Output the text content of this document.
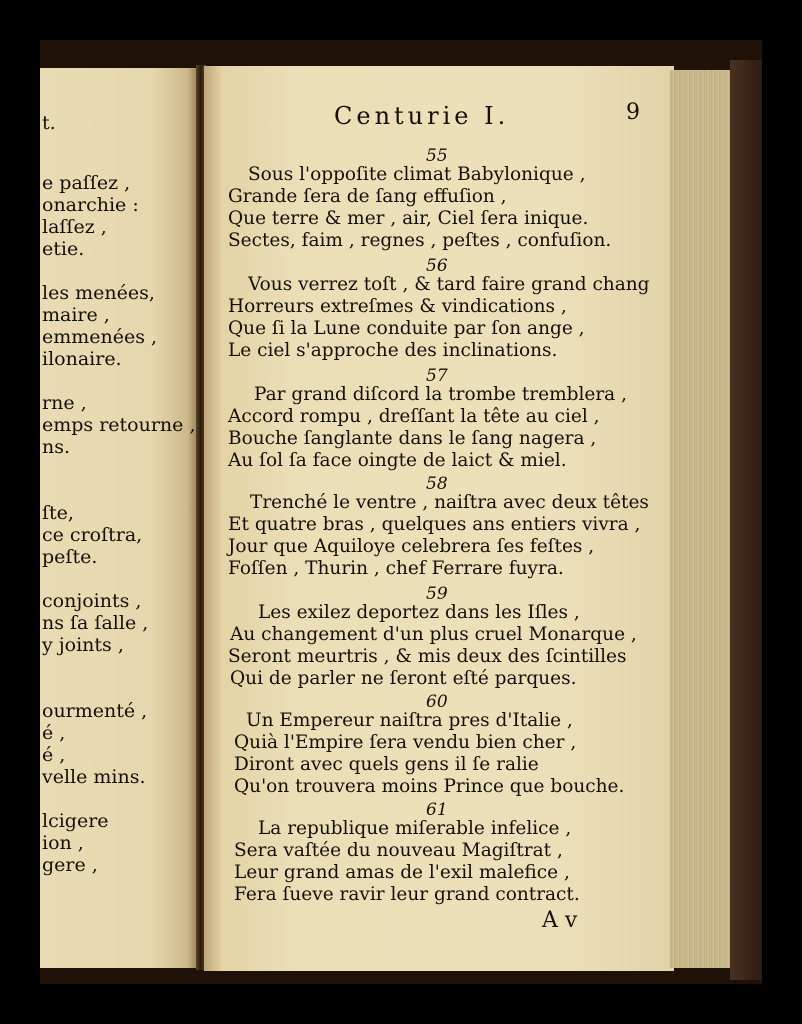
t.
e paſſez ,
onarchie :
laſſez ,
etie.
les menées,
maire ,
emmenées ,
ilonaire.
rne ,
emps retourne ,
ns.
ſte,
ce croſtra,
peſte.
conjoints ,
ns ſa ſalle ,
y joints ,
ourmenté ,
é ,
é ,
velle mins.
lcigere
ion ,
gere ,
Centurie I.	9
55
Sous l'oppoſite climat Babylonique ,
Grande ſera de ſang effuſion ,
Que terre & mer , air, Ciel ſera inique.
Sectes, faim , regnes , peſtes , confuſion.
56
Vous verrez toſt , & tard faire grand chang
Horreurs extreſmes & vindications ,
Que ſi la Lune conduite par ſon ange ,
Le ciel s'approche des inclinations.
57
Par grand diſcord la trombe tremblera ,
Accord rompu , dreſſant la tête au ciel ,
Bouche ſanglante dans le ſang nagera ,
Au ſol ſa face oingte de laict & miel.
58
Trenché le ventre , naiſtra avec deux têtes
Et quatre bras , quelques ans entiers vivra ,
Jour que Aquiloye celebrera ſes feſtes ,
Foſſen , Thurin , chef Ferrare fuyra.
59
Les exilez deportez dans les Iſles ,
Au changement d'un plus cruel Monarque ,
Seront meurtris , & mis deux des ſcintilles
Qui de parler ne ſeront eſté parques.
60
Un Empereur naiſtra pres d'Italie ,
Quià l'Empire ſera vendu bien cher ,
Diront avec quels gens il ſe ralie
Qu'on trouvera moins Prince que bouche.
61
La republique miſerable infelice ,
Sera vaſtée du nouveau Magiſtrat ,
Leur grand amas de l'exil malefice ,
Fera ſueve ravir leur grand contract.
A v
